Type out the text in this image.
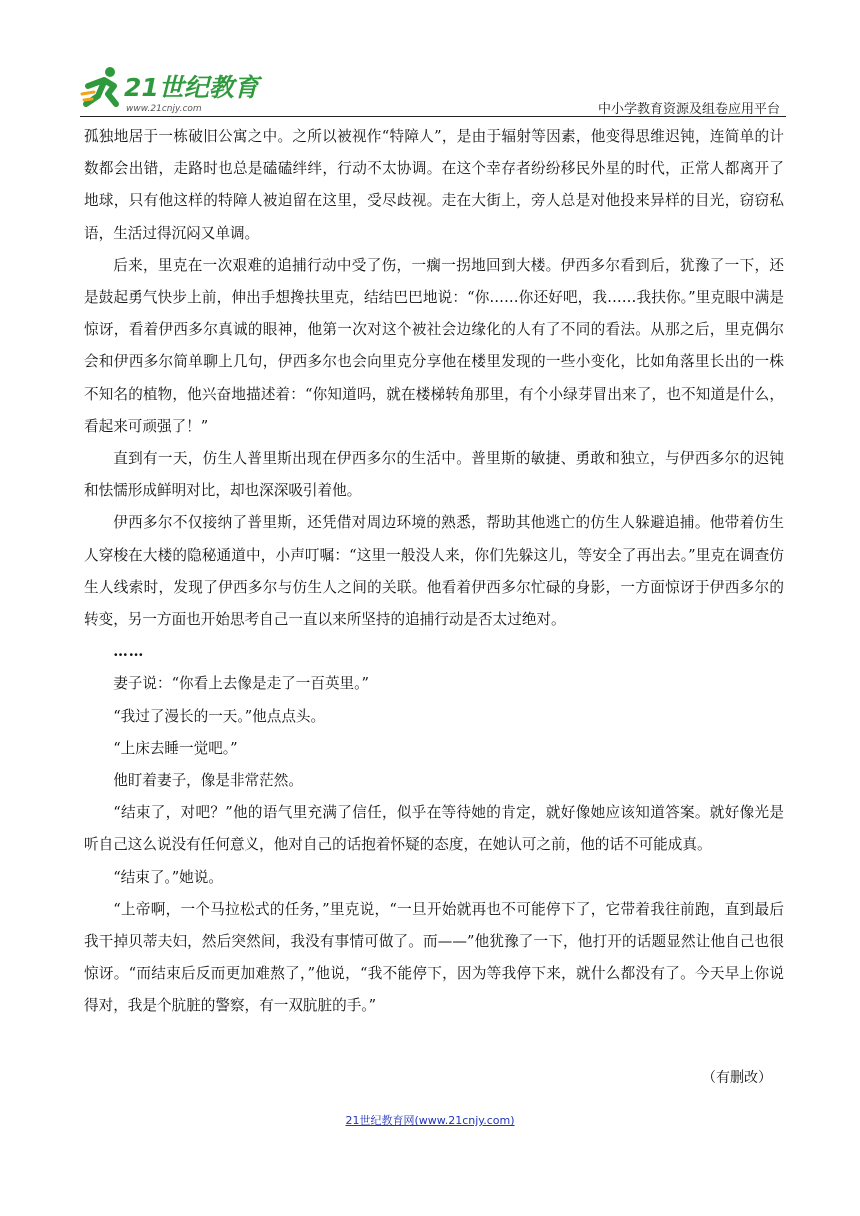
21世纪教育
www.21cnjy.com	中小学教育资源及组卷应用平台

孤独地居于一栋破旧公寓之中。之所以被视作“特障人”，是由于辐射等因素，他变得思维迟钝，连简单的计数都会出错，走路时也总是磕磕绊绊，行动不太协调。在这个幸存者纷纷移民外星的时代，正常人都离开了地球，只有他这样的特障人被迫留在这里，受尽歧视。走在大街上，旁人总是对他投来异样的目光，窃窃私语，生活过得沉闷又单调。

后来，里克在一次艰难的追捕行动中受了伤，一瘸一拐地回到大楼。伊西多尔看到后，犹豫了一下，还是鼓起勇气快步上前，伸出手想搀扶里克，结结巴巴地说：“你……你还好吧，我……我扶你。”里克眼中满是惊讶，看着伊西多尔真诚的眼神，他第一次对这个被社会边缘化的人有了不同的看法。从那之后，里克偶尔会和伊西多尔简单聊上几句，伊西多尔也会向里克分享他在楼里发现的一些小变化，比如角落里长出的一株不知名的植物，他兴奋地描述着：“你知道吗，就在楼梯转角那里，有个小绿芽冒出来了，也不知道是什么，看起来可顽强了！”

直到有一天，仿生人普里斯出现在伊西多尔的生活中。普里斯的敏捷、勇敢和独立，与伊西多尔的迟钝和怯懦形成鲜明对比，却也深深吸引着他。

伊西多尔不仅接纳了普里斯，还凭借对周边环境的熟悉，帮助其他逃亡的仿生人躲避追捕。他带着仿生人穿梭在大楼的隐秘通道中，小声叮嘱：“这里一般没人来，你们先躲这儿，等安全了再出去。”里克在调查仿生人线索时，发现了伊西多尔与仿生人之间的关联。他看着伊西多尔忙碌的身影，一方面惊讶于伊西多尔的转变，另一方面也开始思考自己一直以来所坚持的追捕行动是否太过绝对。

……

妻子说：“你看上去像是走了一百英里。”

“我过了漫长的一天。”他点点头。

“上床去睡一觉吧。”

他盯着妻子，像是非常茫然。

“结束了，对吧？”他的语气里充满了信任，似乎在等待她的肯定，就好像她应该知道答案。就好像光是听自己这么说没有任何意义，他对自己的话抱着怀疑的态度，在她认可之前，他的话不可能成真。

“结束了。”她说。

“上帝啊，一个马拉松式的任务，”里克说，“一旦开始就再也不可能停下了，它带着我往前跑，直到最后我干掉贝蒂夫妇，然后突然间，我没有事情可做了。而——”他犹豫了一下，他打开的话题显然让他自己也很惊讶。“而结束后反而更加难熬了，”他说，“我不能停下，因为等我停下来，就什么都没有了。今天早上你说得对，我是个肮脏的警察，有一双肮脏的手。”

（有删改）
21世纪教育网(www.21cnjy.com)
